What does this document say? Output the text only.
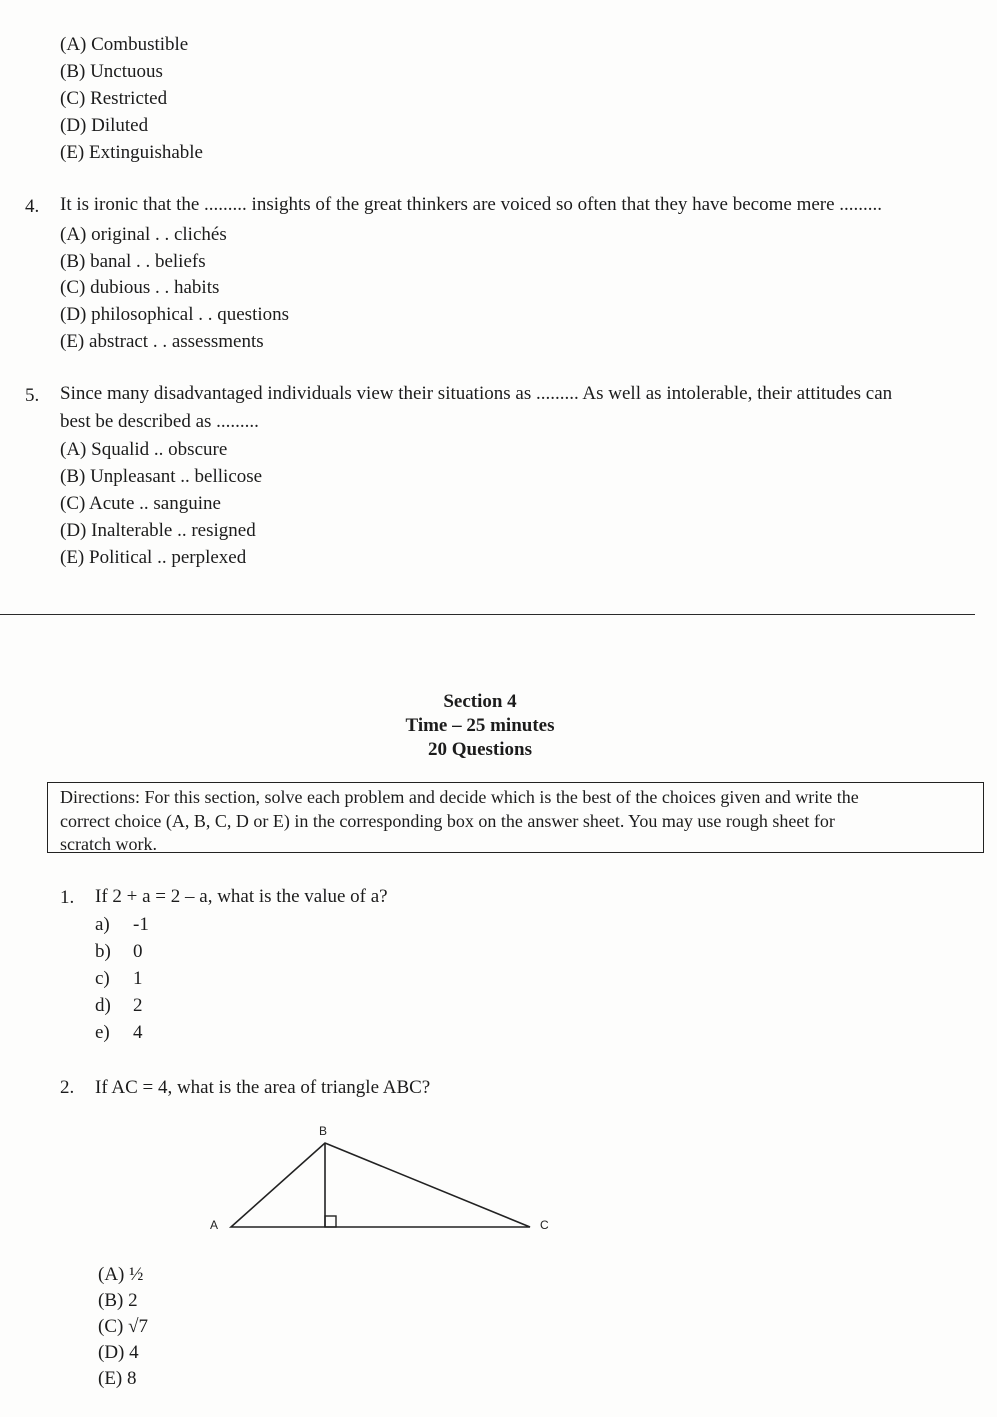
(A) Combustible
(B) Unctuous
(C) Restricted
(D) Diluted
(E) Extinguishable
4. It is ironic that the ......... insights of the great thinkers are voiced so often that they have become mere .........
(A) original . . clichés
(B) banal . . beliefs
(C) dubious . . habits
(D) philosophical . . questions
(E) abstract . . assessments
5. Since many disadvantaged individuals view their situations as ......... As well as intolerable, their attitudes can
best be described as .........
(A) Squalid .. obscure
(B) Unpleasant .. bellicose
(C) Acute .. sanguine
(D) Inalterable .. resigned
(E) Political .. perplexed
Section 4
Time – 25 minutes
20 Questions
Directions: For this section, solve each problem and decide which is the best of the choices given and write the
correct choice (A, B, C, D or E) in the corresponding box on the answer sheet. You may use rough sheet for
scratch work.
1. If 2 + a = 2 – a, what is the value of a?
a) -1
b) 0
c) 1
d) 2
e) 4
2. If AC = 4, what is the area of triangle ABC?
B
A	C
(A) ½
(B) 2
(C) √7
(D) 4
(E) 8
